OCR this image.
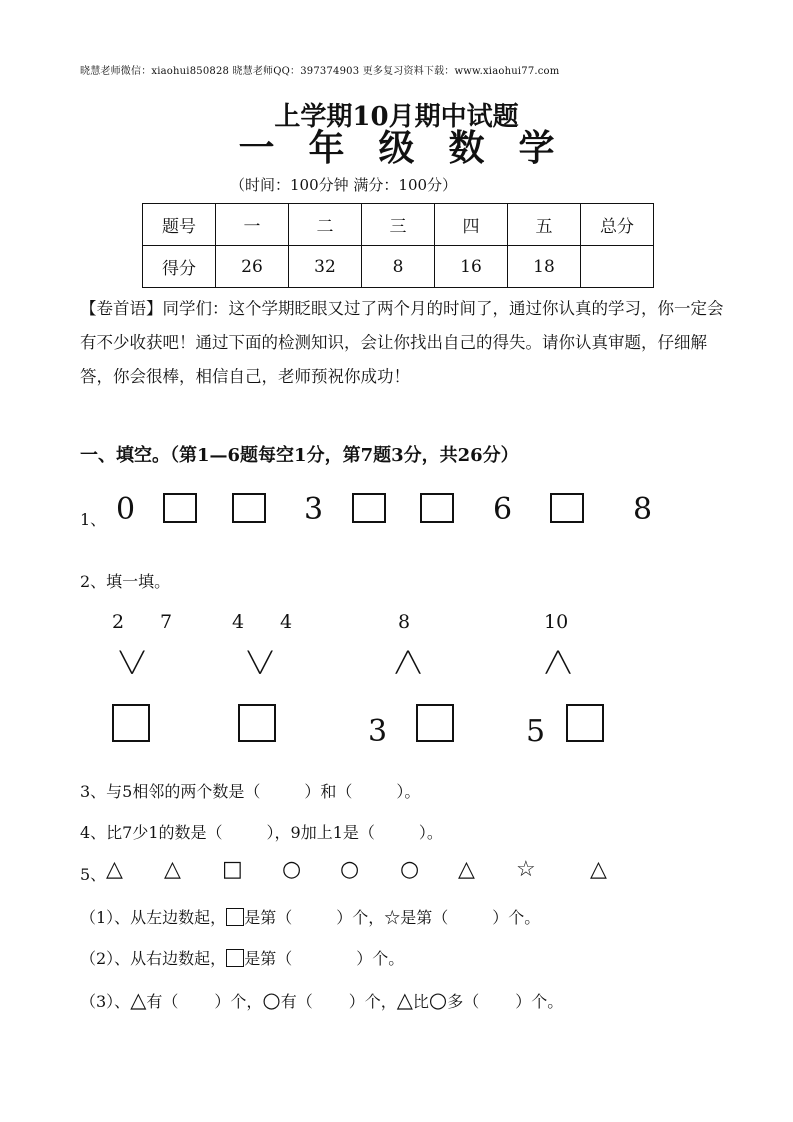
晓慧老师微信：xiaohui850828 晓慧老师QQ：397374903 更多复习资料下载：www.xiaohui77.com
上学期10月期中试题
一年级数学
（时间：100分钟 满分：100分）
题号	一	二	三	四	五	总分
得分	26	32	8	16	18	
【卷首语】同学们：这个学期眨眼又过了两个月的时间了，通过你认真的学习，你一定会有不少收获吧！通过下面的检测知识，会让你找出自己的得失。请你认真审题，仔细解答，你会很棒，相信自己，老师预祝你成功！
一、填空。（第1—6题每空1分，第7题3分，共26分）
1、 0	3	6	8
2、填一填。
2 7	4 4	8	10
╲╱	╲╱	╱╲	╱╲
3	5
3、与5相邻的两个数是（	）和（	）。
4、比7少1的数是（	），9加上1是（	）。
5、 △ △ □ ○ ○ ○ △ ☆ △
（1）、从左边数起， 是第（	）个，☆是第（	）个。
（2）、从右边数起， 是第（	）个。
（3）、△有（ ）个，○有（ ）个，△比○多（ ）个。
